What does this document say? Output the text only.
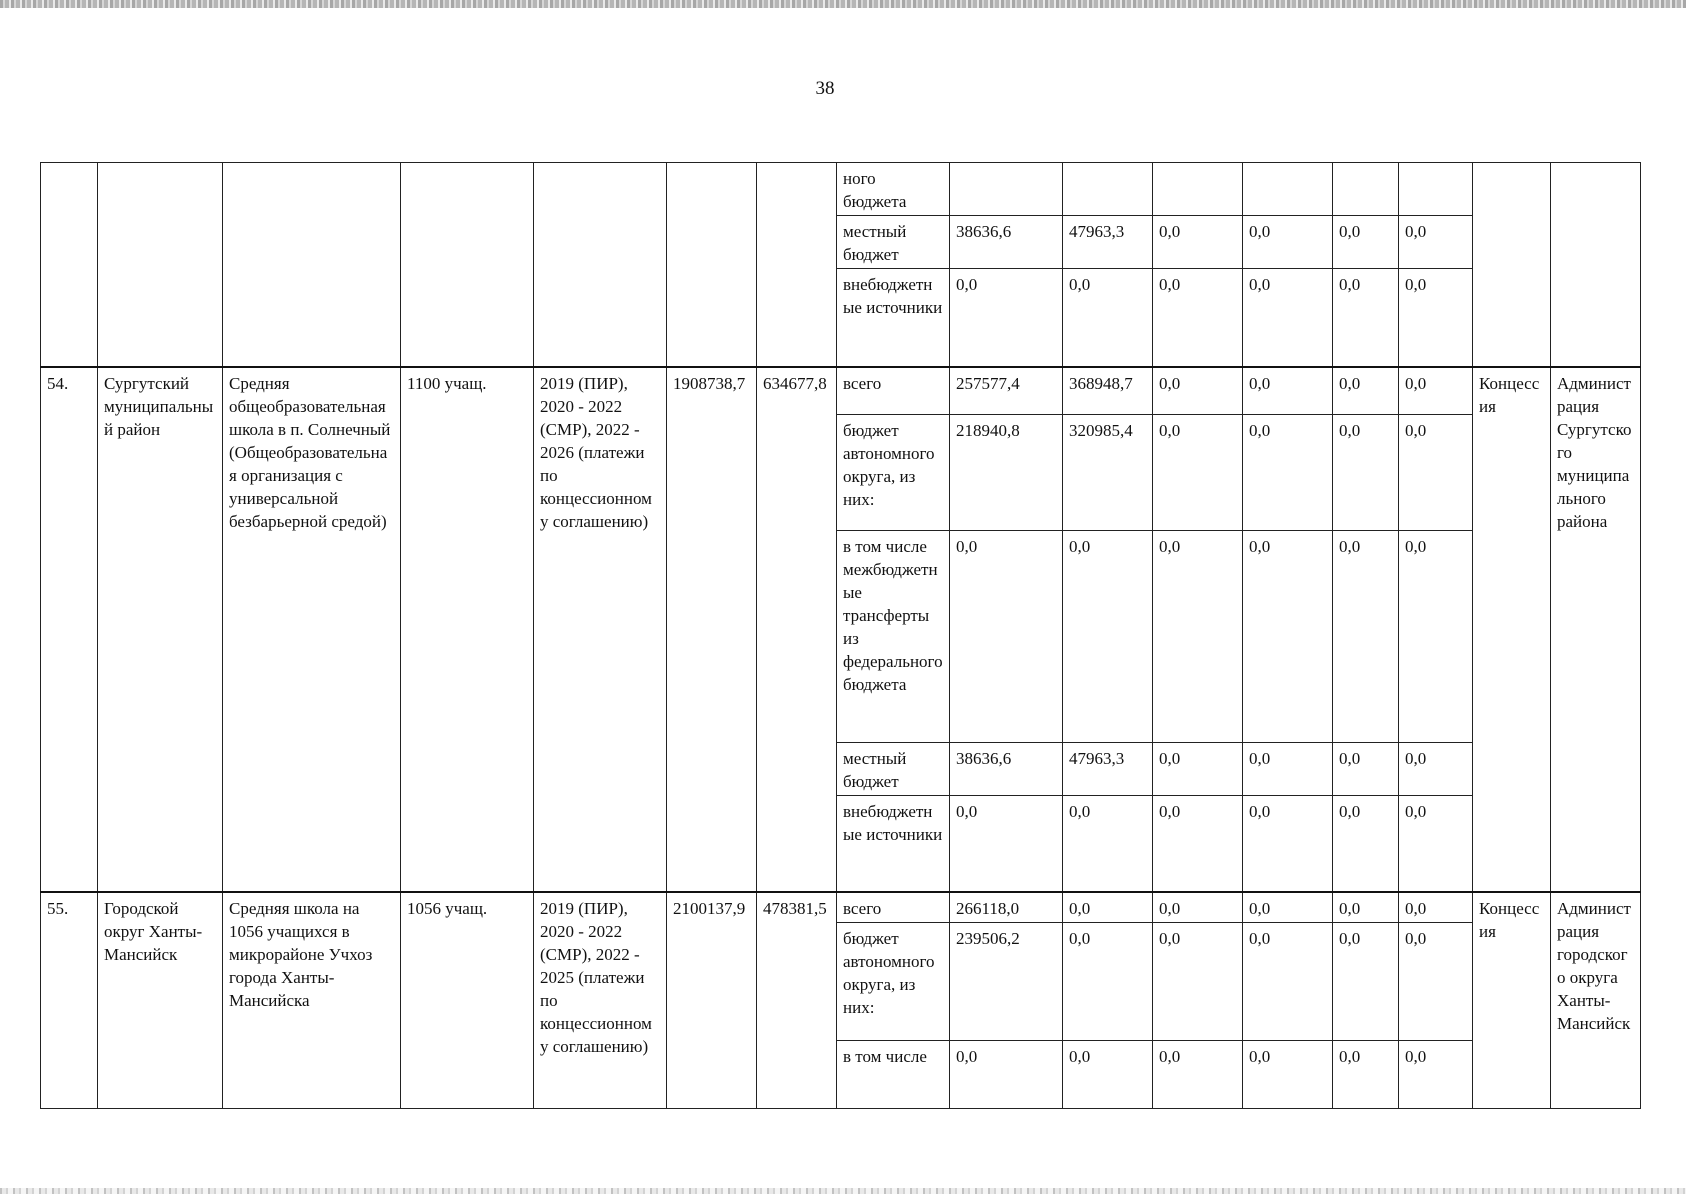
38
							ного бюджета								
							местный бюджет	38636,6	47963,3	0,0	0,0	0,0	0,0		
							внебюджетные источники	0,0	0,0	0,0	0,0	0,0	0,0		
54.	Сургутский муниципальный район	Средняя общеобразовательная школа в п. Солнечный (Общеобразовательная организация с универсальной безбарьерной средой)	1100 учащ.	2019 (ПИР), 2020 - 2022 (СМР), 2022 - 2026 (платежи по концессионному соглашению)	1908738,7	634677,8	всего	257577,4	368948,7	0,0	0,0	0,0	0,0	Концессия	Администрация Сургутского муниципального района
							бюджет автономного округа, из них:	218940,8	320985,4	0,0	0,0	0,0	0,0		
							в том числе межбюджетные трансферты из федерального бюджета	0,0	0,0	0,0	0,0	0,0	0,0		
							местный бюджет	38636,6	47963,3	0,0	0,0	0,0	0,0		
							внебюджетные источники	0,0	0,0	0,0	0,0	0,0	0,0		
55.	Городской округ Ханты-Мансийск	Средняя школа на 1056 учащихся в микрорайоне Учхоз города Ханты-Мансийска	1056 учащ.	2019 (ПИР), 2020 - 2022 (СМР), 2022 - 2025 (платежи по концессионному соглашению)	2100137,9	478381,5	всего	266118,0	0,0	0,0	0,0	0,0	0,0	Концессия	Администрация городского округа Ханты-Мансийск
							бюджет автономного округа, из них:	239506,2	0,0	0,0	0,0	0,0	0,0		
							в том числе	0,0	0,0	0,0	0,0	0,0	0,0		
